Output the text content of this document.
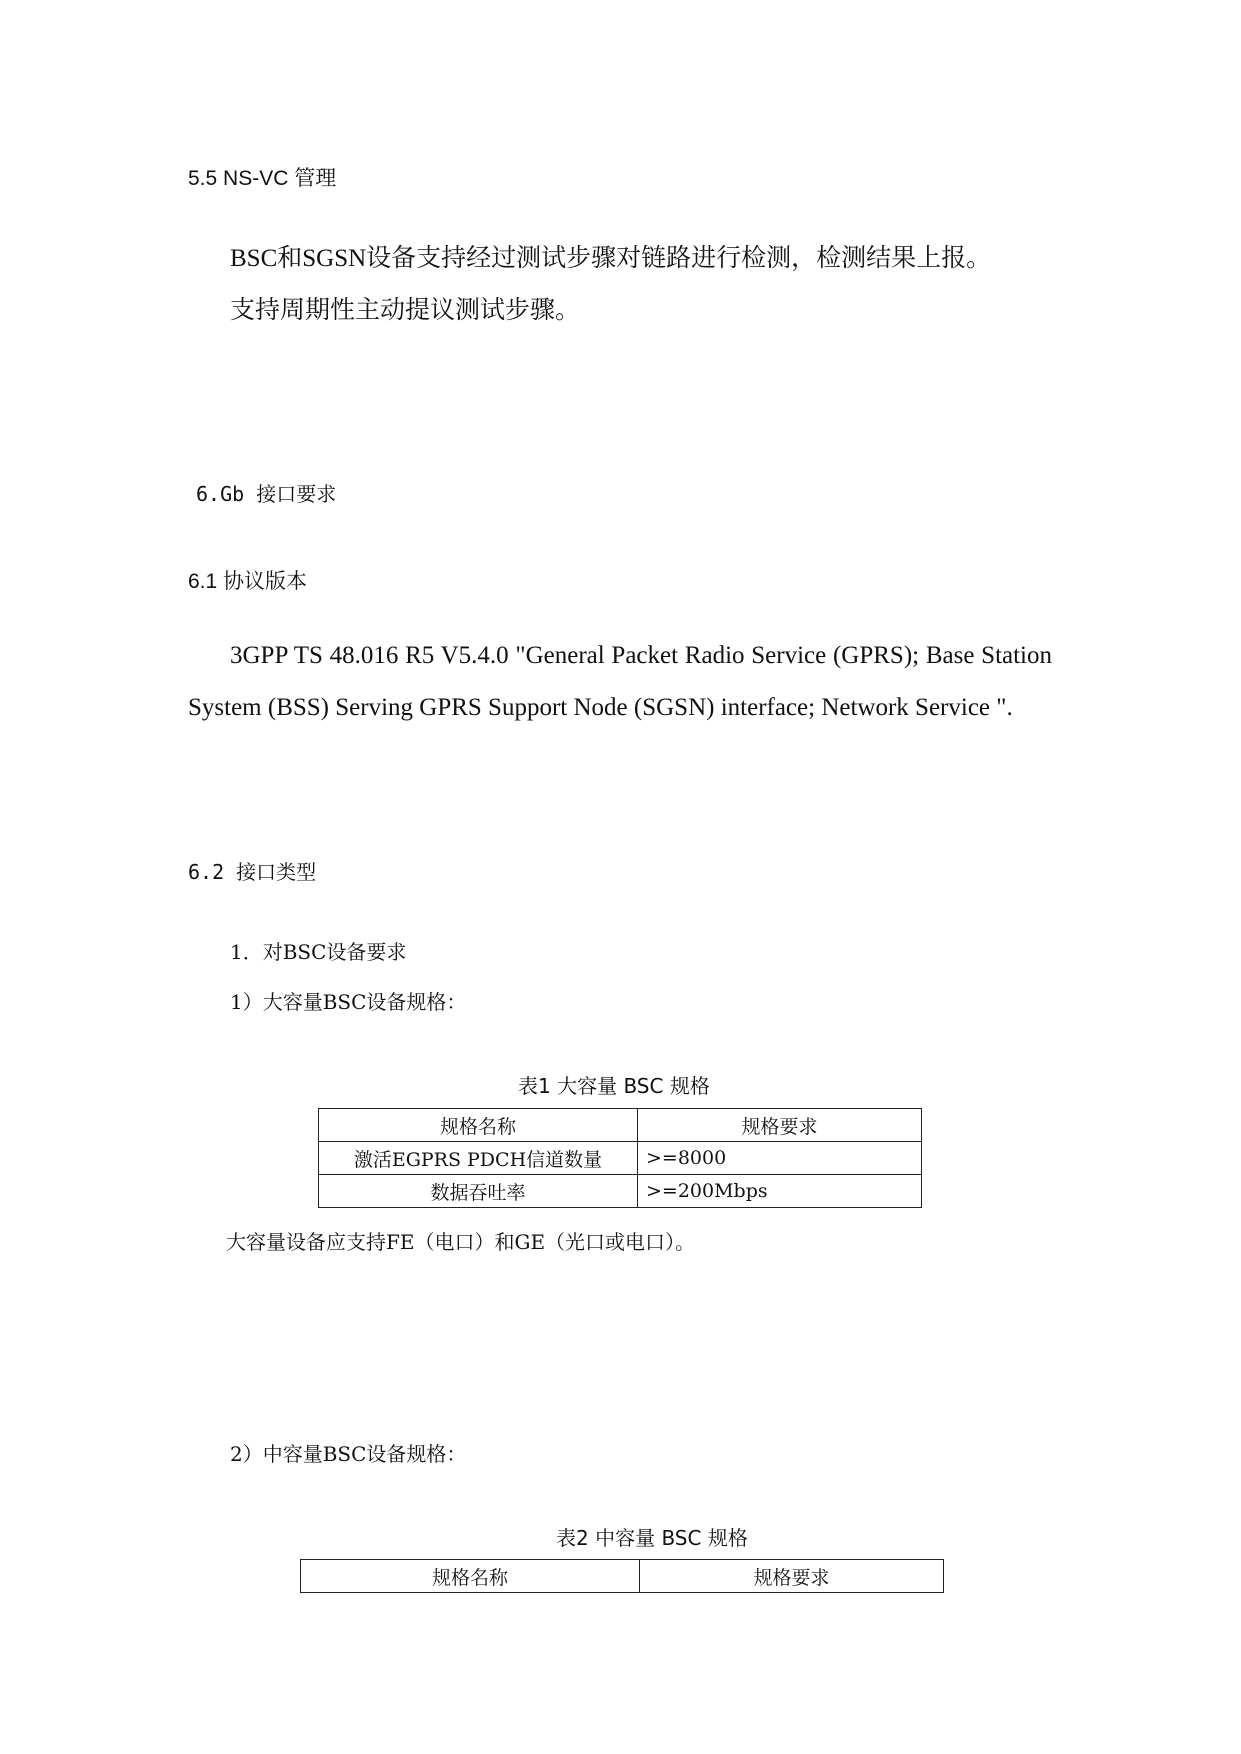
5.5 NS-VC 管理
BSC和SGSN设备支持经过测试步骤对链路进行检测，检测结果上报。
支持周期性主动提议测试步骤。
6.Gb 接口要求
6.1 协议版本
3GPP TS 48.016 R5 V5.4.0 "General Packet Radio Service (GPRS); Base Station System (BSS) Serving GPRS Support Node (SGSN) interface; Network Service ".
6.2 接口类型
1．对BSC设备要求
1）大容量BSC设备规格：
表1 大容量 BSC 规格
规格名称	规格要求
激活EGPRS PDCH信道数量	>=8000
数据吞吐率	>=200Mbps
大容量设备应支持FE（电口）和GE（光口或电口）。
2）中容量BSC设备规格：
表2 中容量 BSC 规格
规格名称	规格要求
